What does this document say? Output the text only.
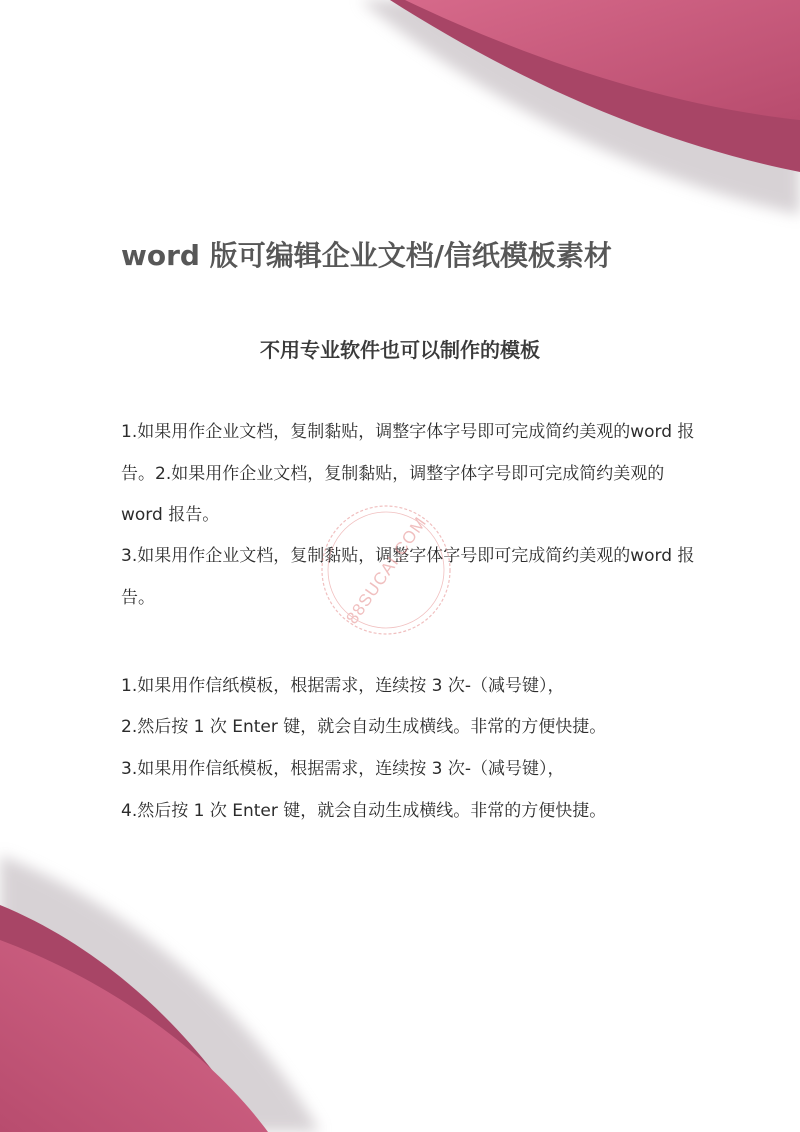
word 版可编辑企业文档/信纸模板素材
不用专业软件也可以制作的模板

1.如果用作企业文档，复制黏贴，调整字体字号即可完成简约美观的word 报告。2.如果用作企业文档，复制黏贴，调整字体字号即可完成简约美观的 word 报告。

3.如果用作企业文档，复制黏贴，调整字体字号即可完成简约美观的word 报告。

1.如果用作信纸模板，根据需求，连续按 3 次-（减号键），

2.然后按 1 次 Enter 键，就会自动生成横线。非常的方便快捷。

3.如果用作信纸模板，根据需求，连续按 3 次-（减号键），

4.然后按 1 次 Enter 键，就会自动生成横线。非常的方便快捷。

88SUCAI.COM
